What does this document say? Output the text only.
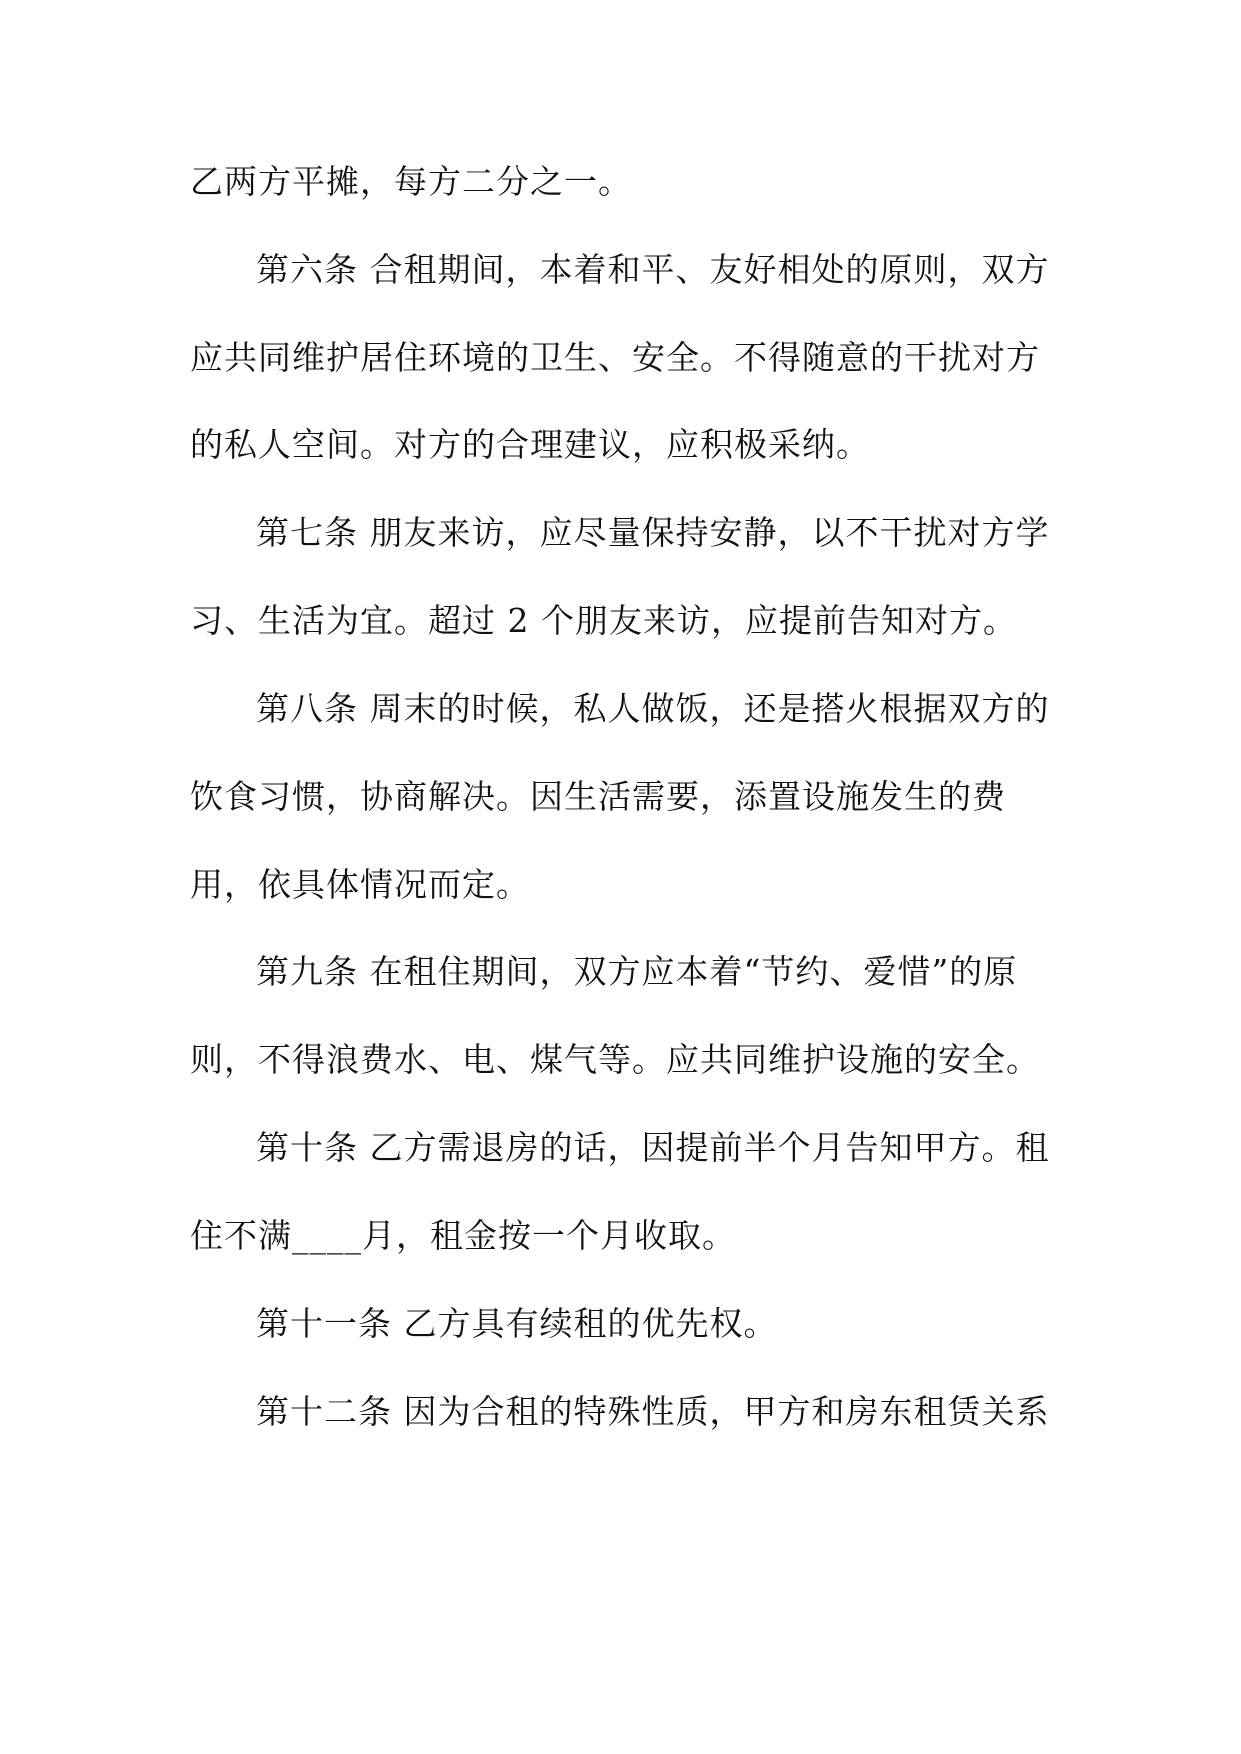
乙两方平摊，每方二分之一。
第六条 合租期间，本着和平、友好相处的原则，双方
应共同维护居住环境的卫生、安全。不得随意的干扰对方
的私人空间。对方的合理建议，应积极采纳。
第七条 朋友来访，应尽量保持安静，以不干扰对方学
习、生活为宜。超过 2 个朋友来访，应提前告知对方。
第八条 周末的时候，私人做饭，还是搭火根据双方的
饮食习惯，协商解决。因生活需要，添置设施发生的费
用，依具体情况而定。
第九条 在租住期间，双方应本着“节约、爱惜”的原
则，不得浪费水、电、煤气等。应共同维护设施的安全。
第十条 乙方需退房的话，因提前半个月告知甲方。租
住不满____月，租金按一个月收取。
第十一条 乙方具有续租的优先权。
第十二条 因为合租的特殊性质，甲方和房东租赁关系
